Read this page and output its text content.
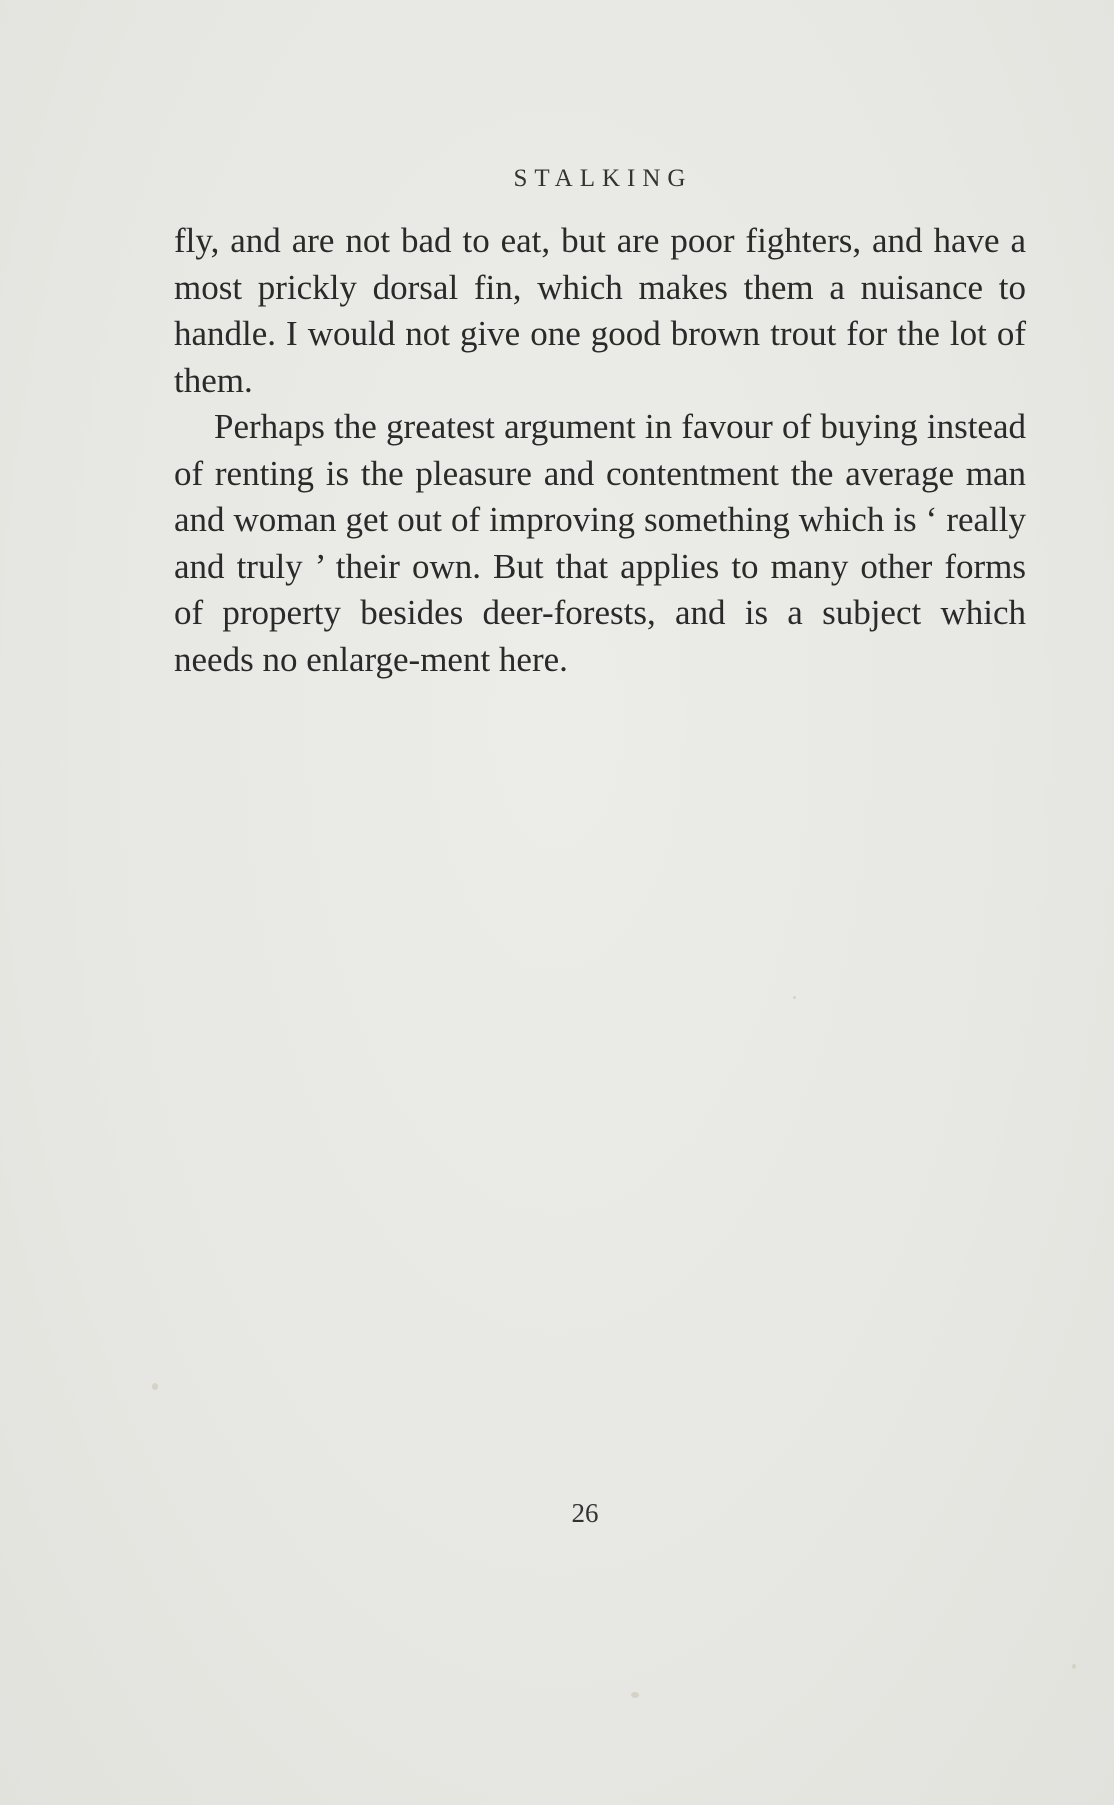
STALKING

fly, and are not bad to eat, but are poor fighters, and have a most prickly dorsal fin, which makes them a nuisance to handle. I would not give one good brown trout for the lot of them.

Perhaps the greatest argument in favour of buying instead of renting is the pleasure and contentment the average man and woman get out of improving something which is ‘ really and truly ’ their own. But that applies to many other forms of property besides deer-forests, and is a subject which needs no enlarge-ment here.

26
